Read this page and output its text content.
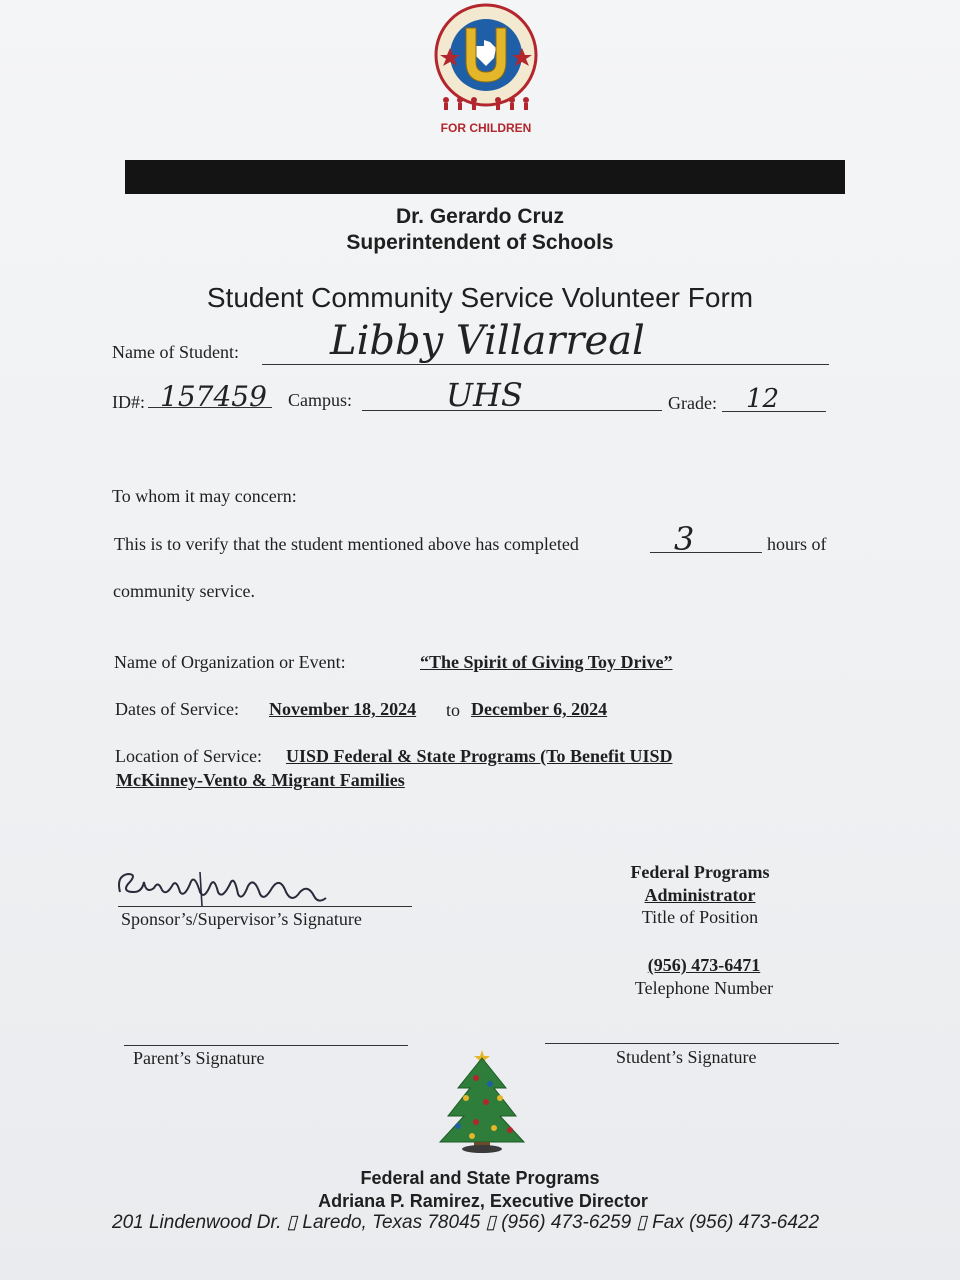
FOR CHILDREN
Dr. Gerardo Cruz
Superintendent of Schools
Student Community Service Volunteer Form
Name of Student: Libby Villarreal
ID#: 157459 Campus:	UHS	Grade: 12
To whom it may concern:
This is to verify that the student mentioned above has completed	3	hours of
community service.
Name of Organization or Event:	“The Spirit of Giving Toy Drive”
Dates of Service: November 18, 2024 to December 6, 2024
Location of Service: UISD Federal & State Programs (To Benefit UISD
McKinney-Vento & Migrant Families
Sponsor’s/Supervisor’s Signature
Federal Programs
Administrator
Title of Position
(956) 473-6471
Telephone Number
Parent’s Signature	Student’s Signature
Federal and State Programs
Adriana P. Ramirez, Executive Director
201 Lindenwood Dr. ▯ Laredo, Texas 78045 ▯ (956) 473-6259 ▯ Fax (956) 473-6422
